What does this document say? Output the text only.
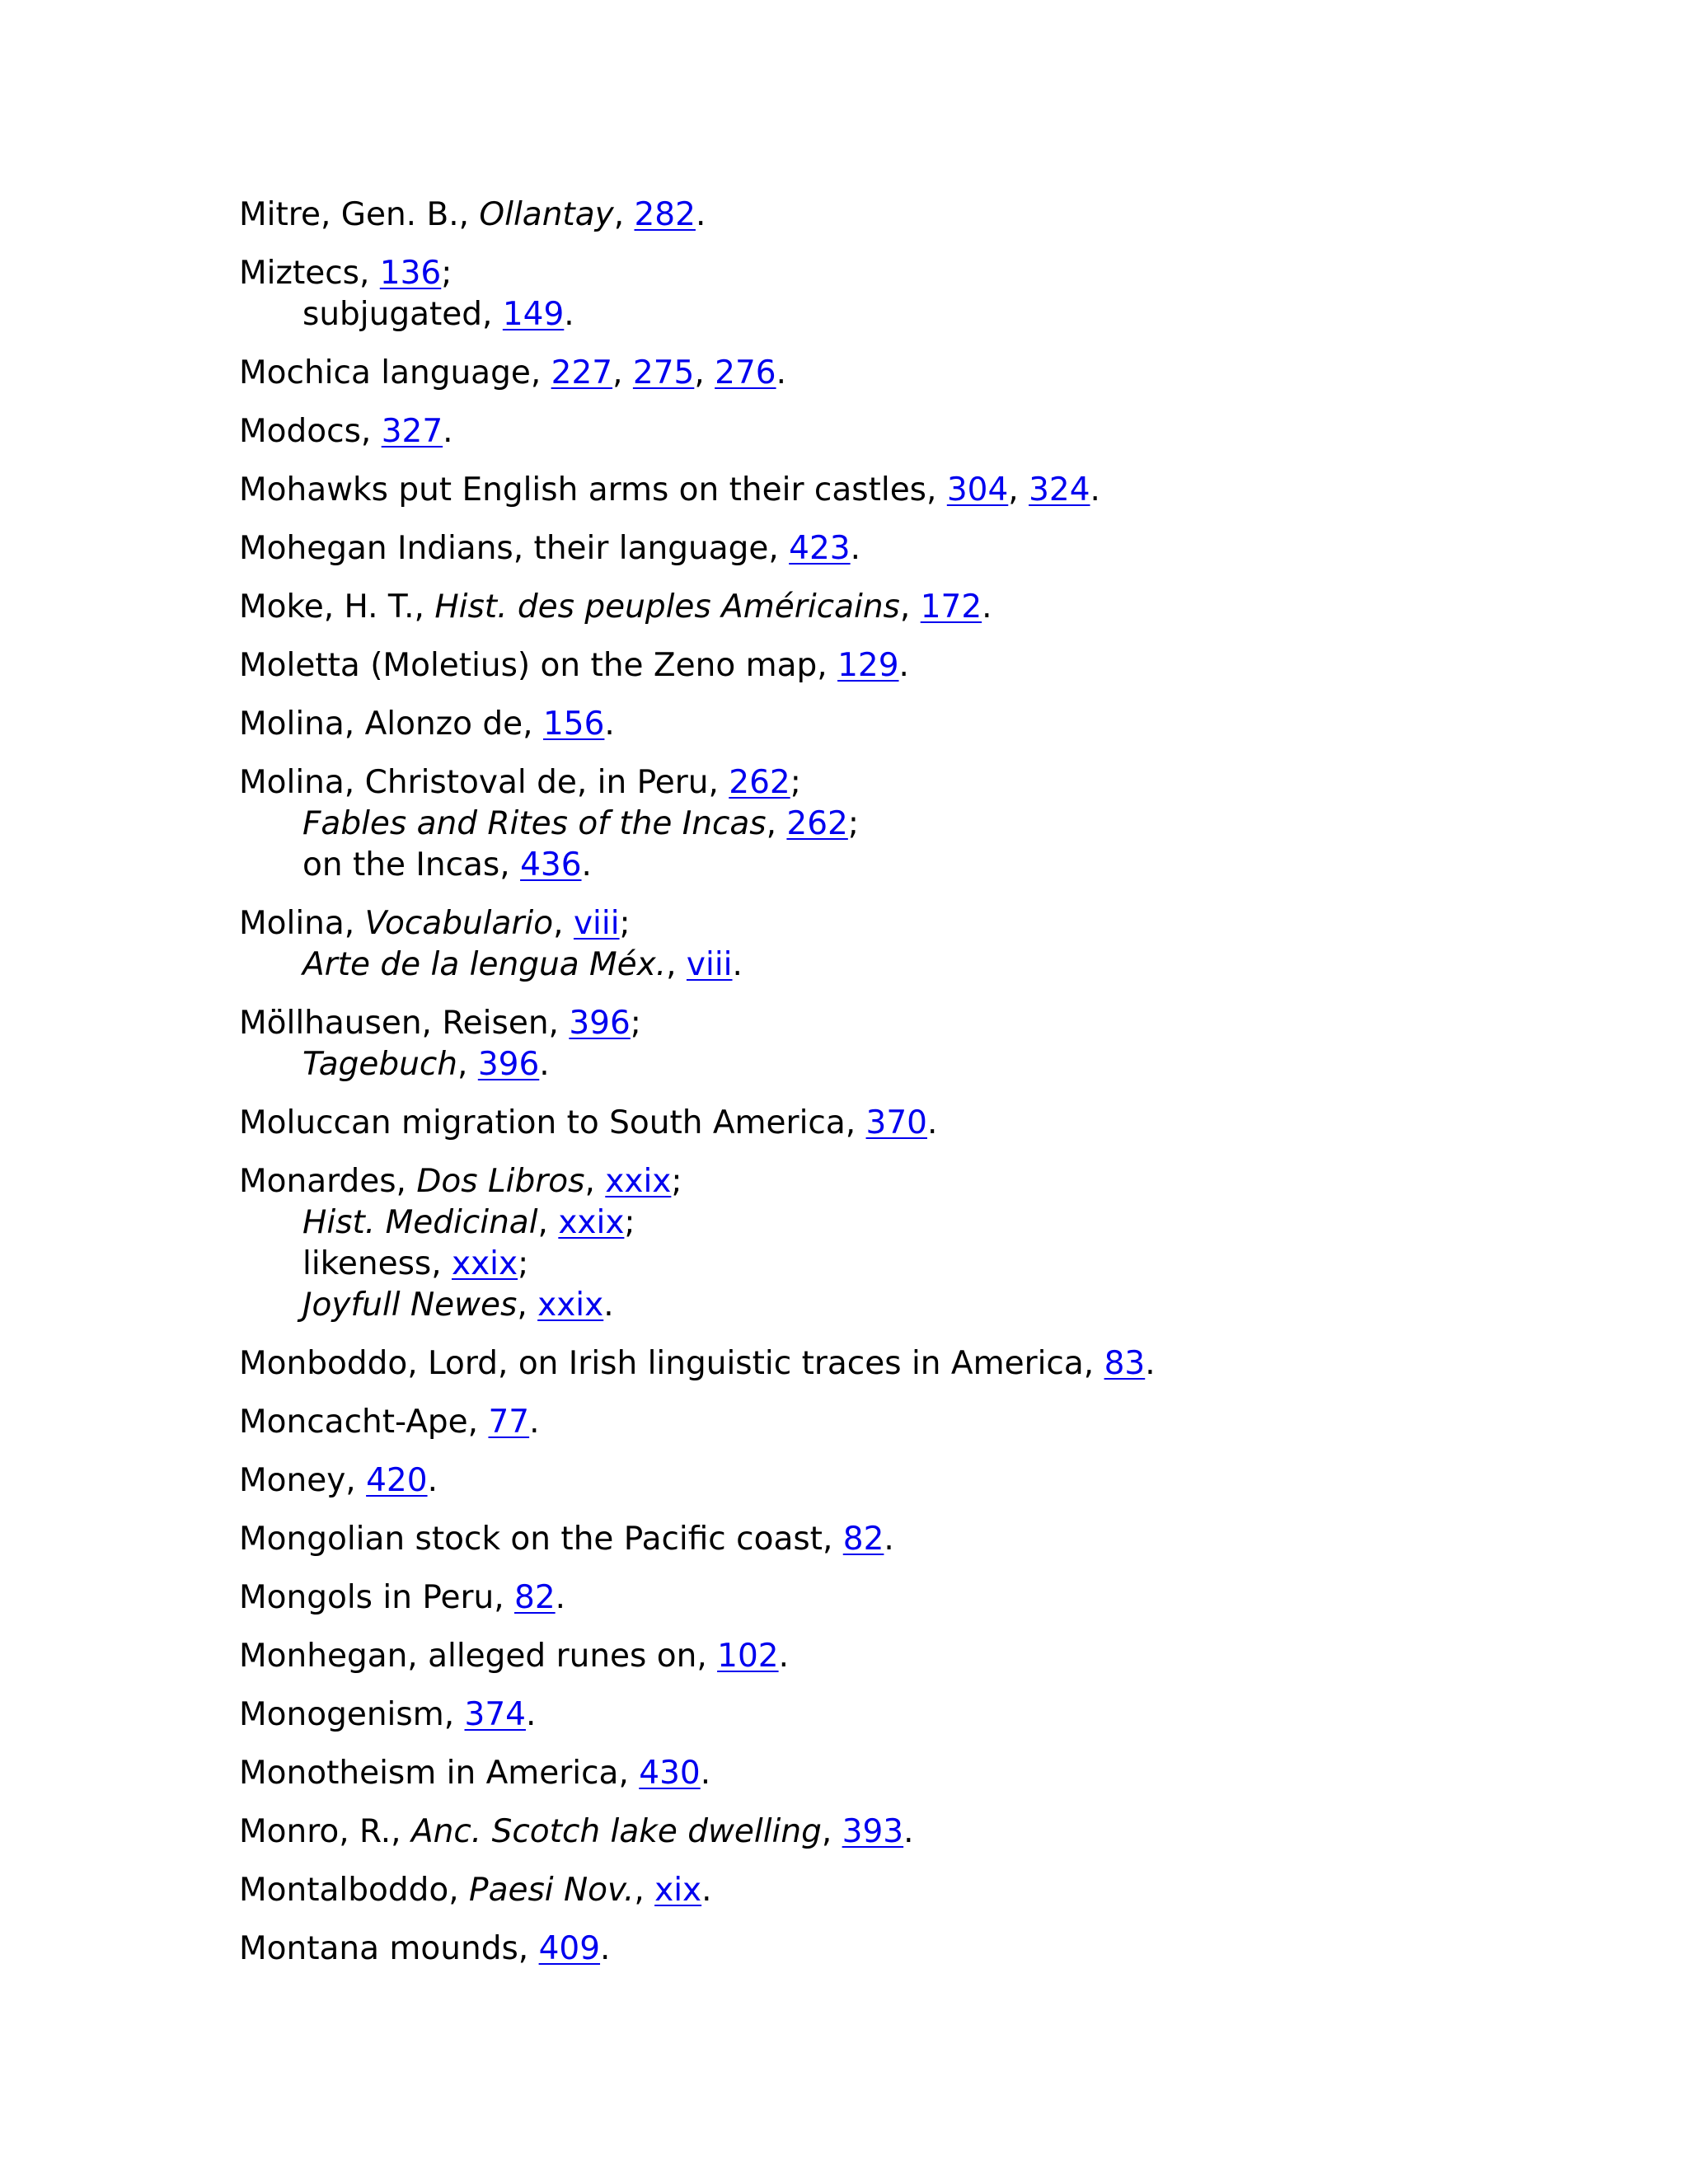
Mitre, Gen. B., Ollantay, 282.
Miztecs, 136;
subjugated, 149.
Mochica language, 227, 275, 276.
Modocs, 327.
Mohawks put English arms on their castles, 304, 324.
Mohegan Indians, their language, 423.
Moke, H. T., Hist. des peuples Américains, 172.
Moletta (Moletius) on the Zeno map, 129.
Molina, Alonzo de, 156.
Molina, Christoval de, in Peru, 262;
Fables and Rites of the Incas, 262;
on the Incas, 436.
Molina, Vocabulario, viii;
Arte de la lengua Méx., viii.
Möllhausen, Reisen, 396;
Tagebuch, 396.
Moluccan migration to South America, 370.
Monardes, Dos Libros, xxix;
Hist. Medicinal, xxix;
likeness, xxix;
Joyfull Newes, xxix.
Monboddo, Lord, on Irish linguistic traces in America, 83.
Moncacht-Ape, 77.
Money, 420.
Mongolian stock on the Pacific coast, 82.
Mongols in Peru, 82.
Monhegan, alleged runes on, 102.
Monogenism, 374.
Monotheism in America, 430.
Monro, R., Anc. Scotch lake dwelling, 393.
Montalboddo, Paesi Nov., xix.
Montana mounds, 409.
